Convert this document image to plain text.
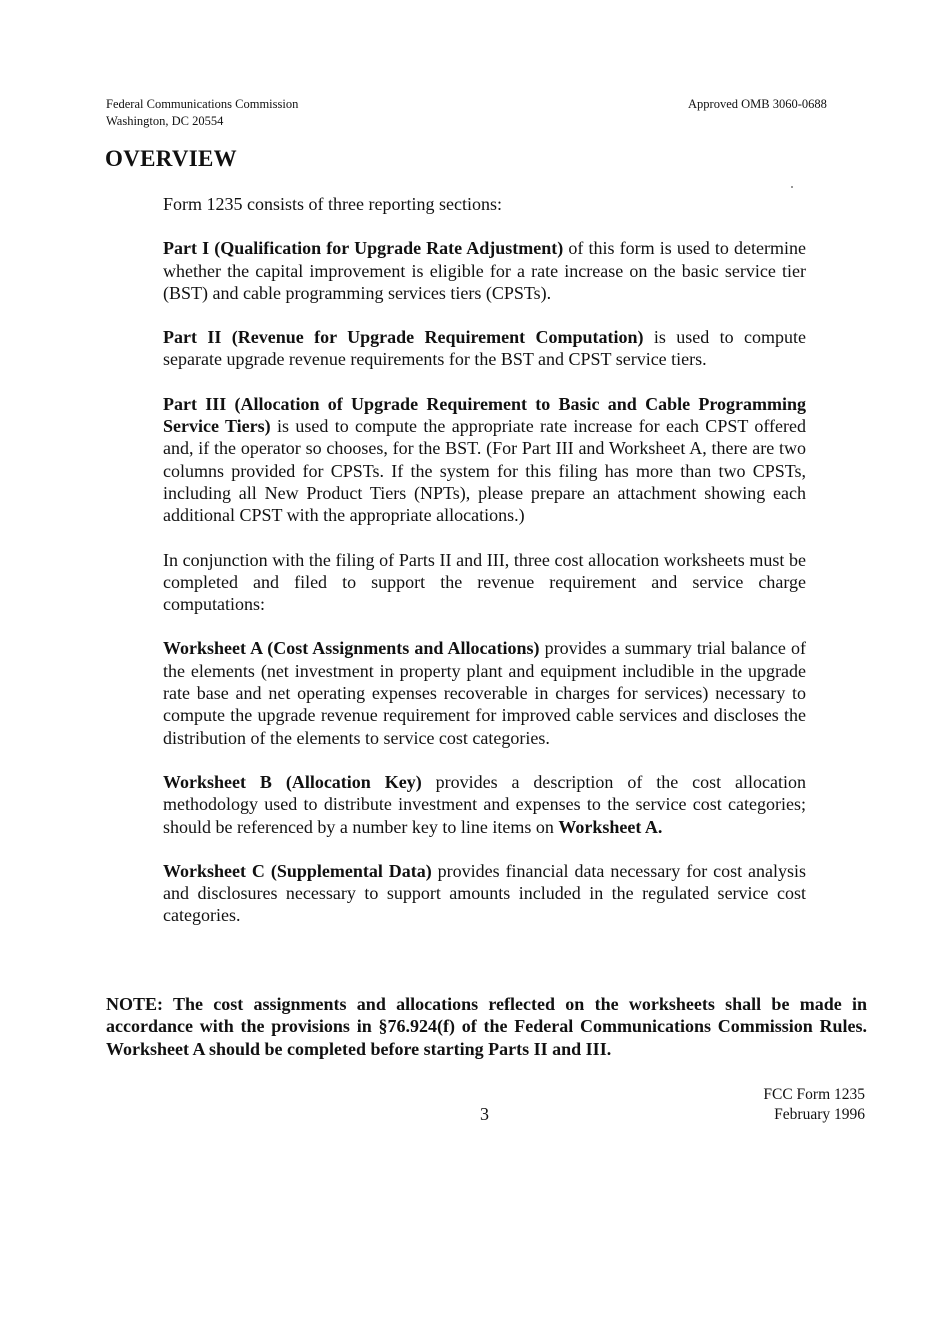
Federal Communications Commission
Washington, DC 20554
Approved OMB 3060-0688
OVERVIEW

Form 1235 consists of three reporting sections:

Part I (Qualification for Upgrade Rate Adjustment) of this form is used to determine whether the capital improvement is eligible for a rate increase on the basic service tier (BST) and cable programming services tiers (CPSTs).

Part II (Revenue for Upgrade Requirement Computation) is used to compute separate upgrade revenue requirements for the BST and CPST service tiers.

Part III (Allocation of Upgrade Requirement to Basic and Cable Programming Service Tiers) is used to compute the appropriate rate increase for each CPST offered and, if the operator so chooses, for the BST. (For Part III and Worksheet A, there are two columns provided for CPSTs. If the system for this filing has more than two CPSTs, including all New Product Tiers (NPTs), please prepare an attachment showing each additional CPST with the appropriate allocations.)

In conjunction with the filing of Parts II and III, three cost allocation worksheets must be completed and filed to support the revenue requirement and service charge computations:

Worksheet A (Cost Assignments and Allocations) provides a summary trial balance of the elements (net investment in property plant and equipment includible in the upgrade rate base and net operating expenses recoverable in charges for services) necessary to compute the upgrade revenue requirement for improved cable services and discloses the distribution of the elements to service cost categories.

Worksheet B (Allocation Key) provides a description of the cost allocation methodology used to distribute investment and expenses to the service cost categories; should be referenced by a number key to line items on Worksheet A.

Worksheet C (Supplemental Data) provides financial data necessary for cost analysis and disclosures necessary to support amounts included in the regulated service cost categories.

NOTE: The cost assignments and allocations reflected on the worksheets shall be made in accordance with the provisions in §76.924(f) of the Federal Communications Commission Rules. Worksheet A should be completed before starting Parts II and III.
3
FCC Form 1235
February 1996
